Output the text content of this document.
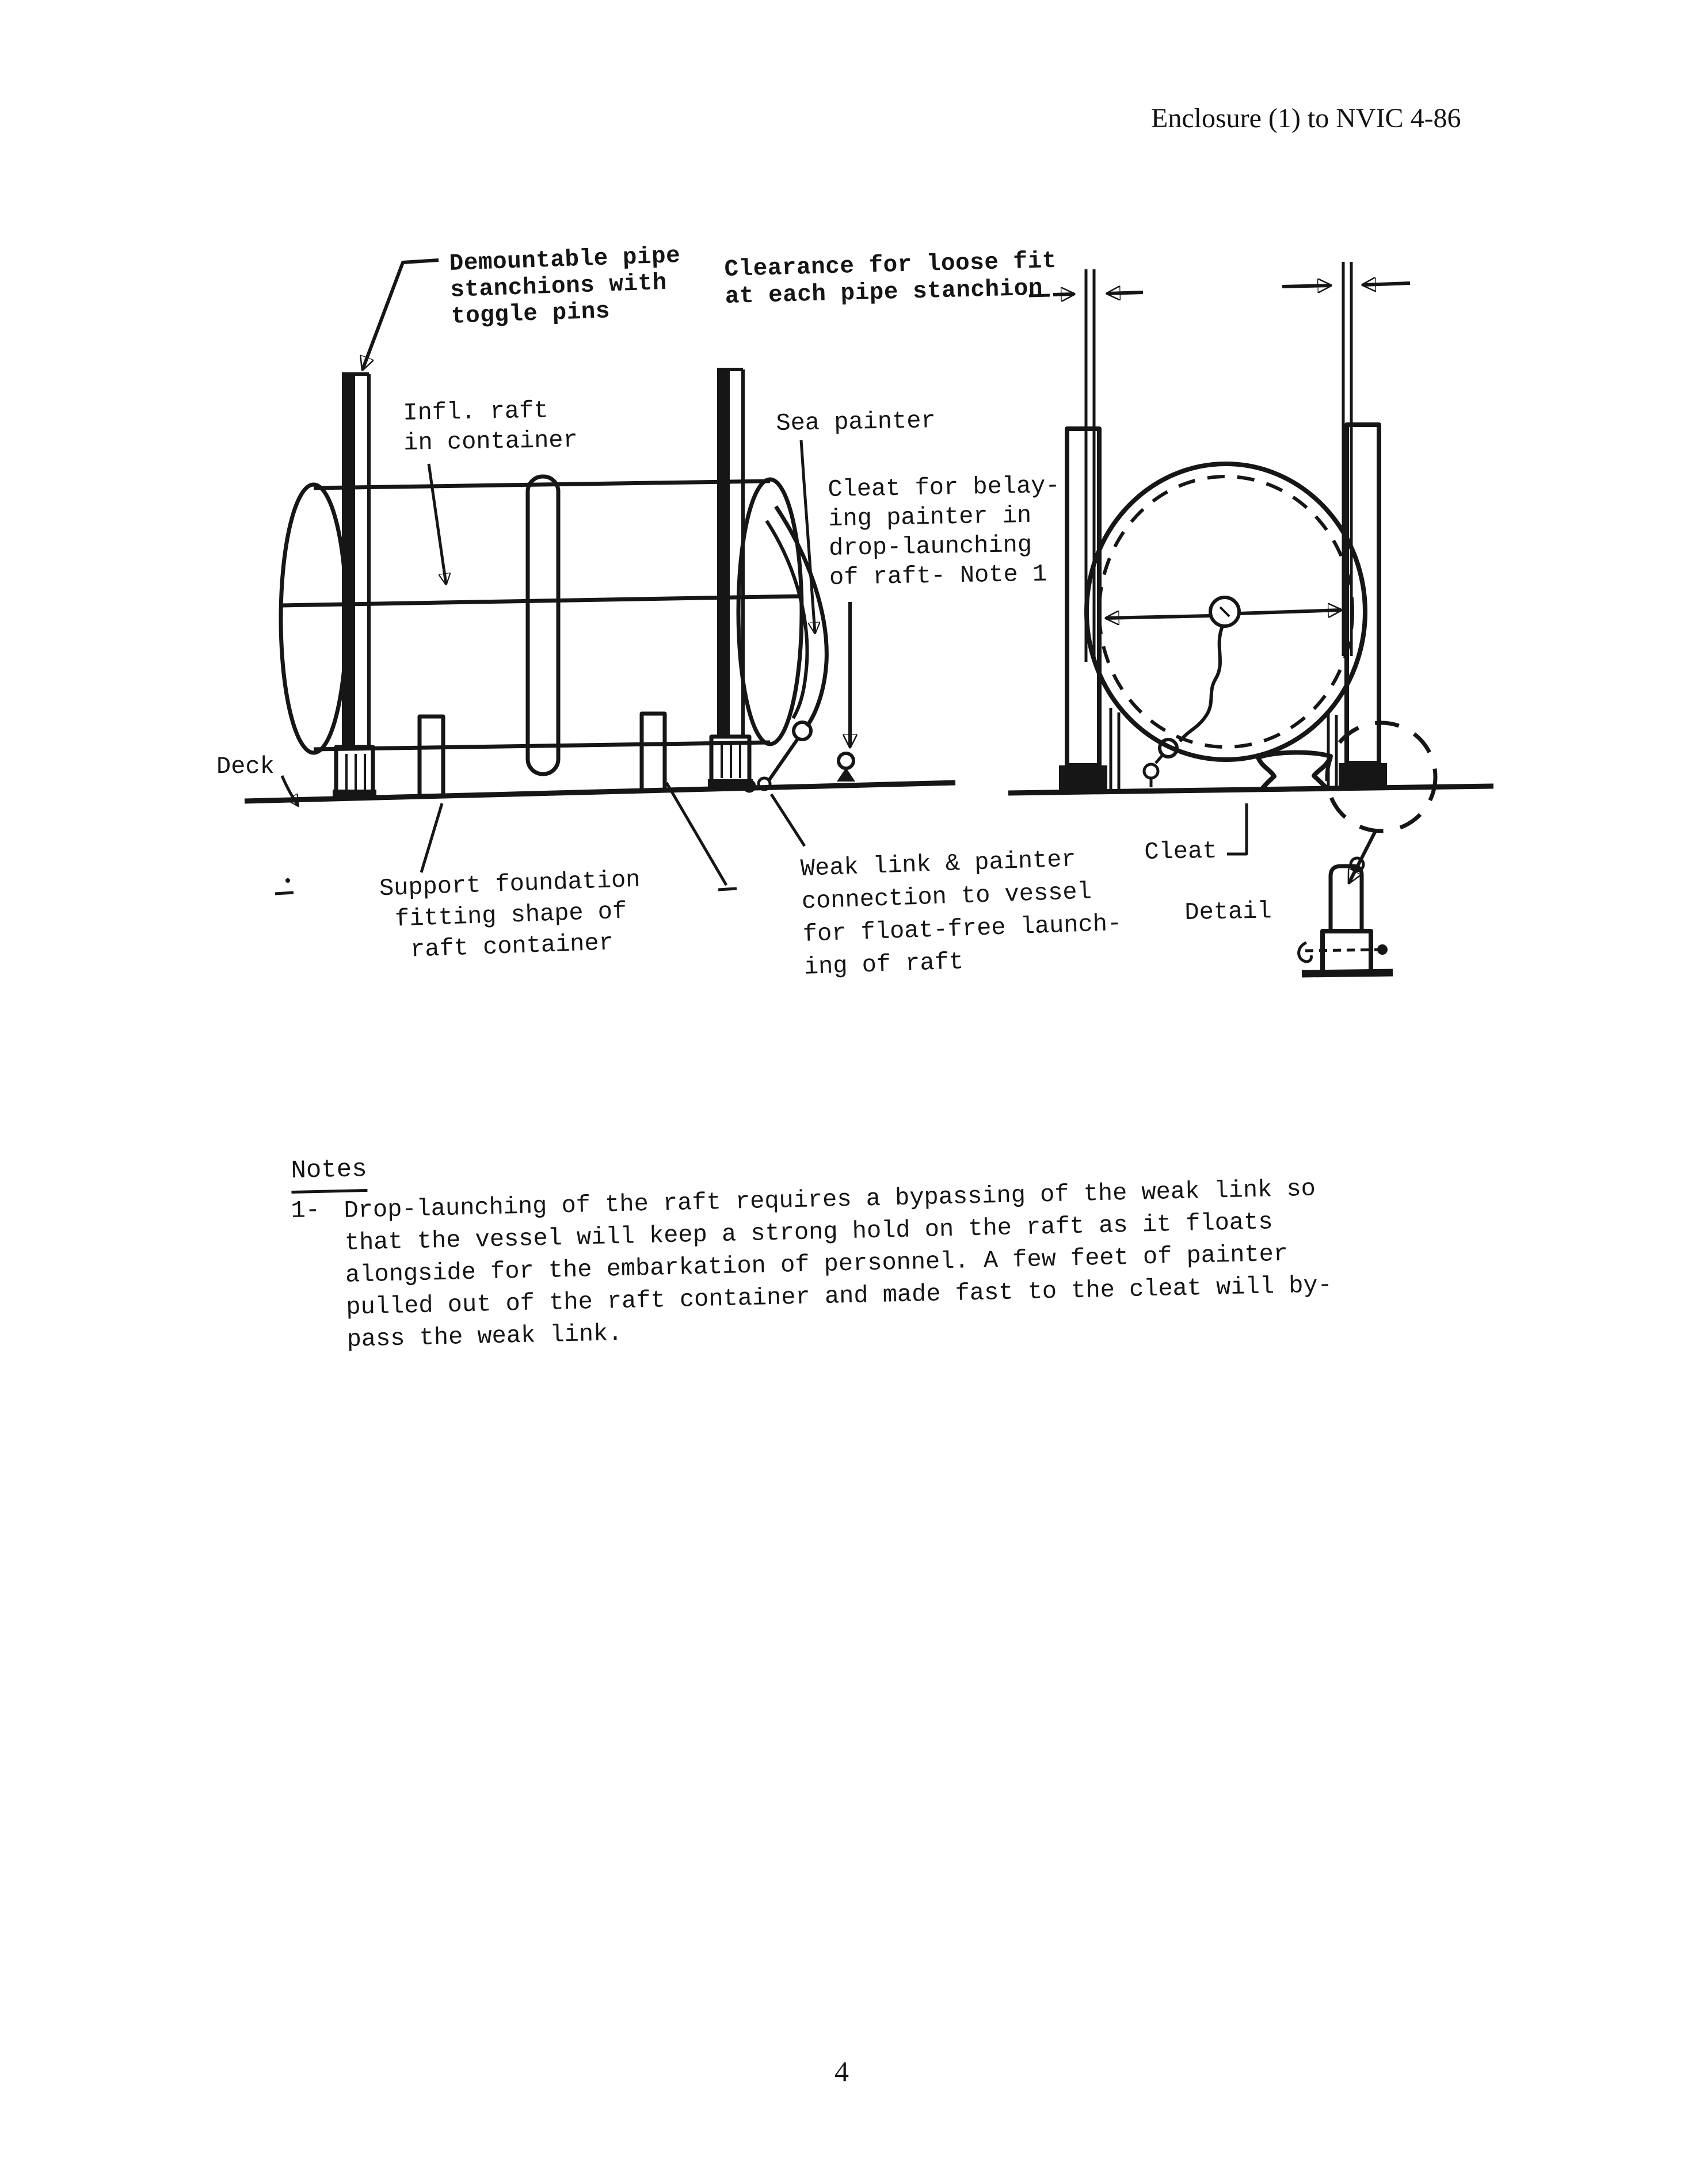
Enclosure (1) to NVIC 4-86
Demountable pipe
stanchions with
toggle pins
Clearance for loose fit
at each pipe stanchion
Infl. raft
in container
Sea painter
Cleat for belay-
ing painter in
drop-launching
of raft- Note 1
Deck
Support foundation
fitting shape of
raft container
Weak link & painter
connection to vessel
for float-free launch-
ing of raft
Cleat
Detail
Notes
1- Drop-launching of the raft requires a bypassing of the weak link so
that the vessel will keep a strong hold on the raft as it floats
alongside for the embarkation of personnel. A few feet of painter
pulled out of the raft container and made fast to the cleat will by-
pass the weak link.
4
